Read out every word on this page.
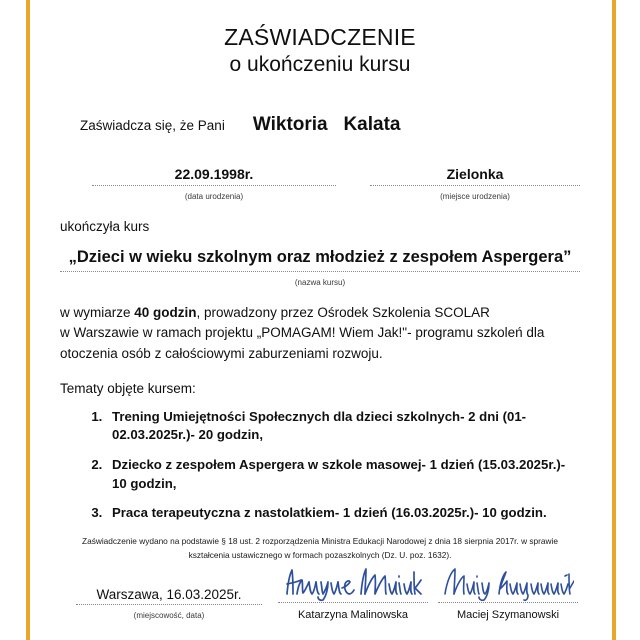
ZAŚWIADCZENIE
o ukończeniu kursu
Zaświadcza się, że Pani Wiktoria   Kalata
22.09.1998r.
(data urodzenia)
Zielonka
(miejsce urodzenia)
ukończyła kurs
„Dzieci w wieku szkolnym oraz młodzież z zespołem Aspergera”
(nazwa kursu)
w wymiarze 40 godzin, prowadzony przez Ośrodek Szkolenia SCOLAR
w Warszawie w ramach projektu „POMAGAM! Wiem Jak!"- programu szkoleń dla
otoczenia osób z całościowymi zaburzeniami rozwoju.
Tematy objęte kursem:
1. Trening Umiejętności Społecznych dla dzieci szkolnych- 2 dni (01-02.03.2025r.)- 20 godzin,
2. Dziecko z zespołem Aspergera w szkole masowej- 1 dzień (15.03.2025r.)- 10 godzin,
3. Praca terapeutyczna z nastolatkiem- 1 dzień (16.03.2025r.)- 10 godzin.
Zaświadczenie wydano na podstawie § 18 ust. 2 rozporządzenia Ministra Edukacji Narodowej z dnia 18 sierpnia 2017r. w sprawie kształcenia ustawicznego w formach pozaszkolnych (Dz. U. poz. 1632).
Warszawa, 16.03.2025r.
(miejscowość, data)	Katarzyna Malinowska	Maciej Szymanowski
